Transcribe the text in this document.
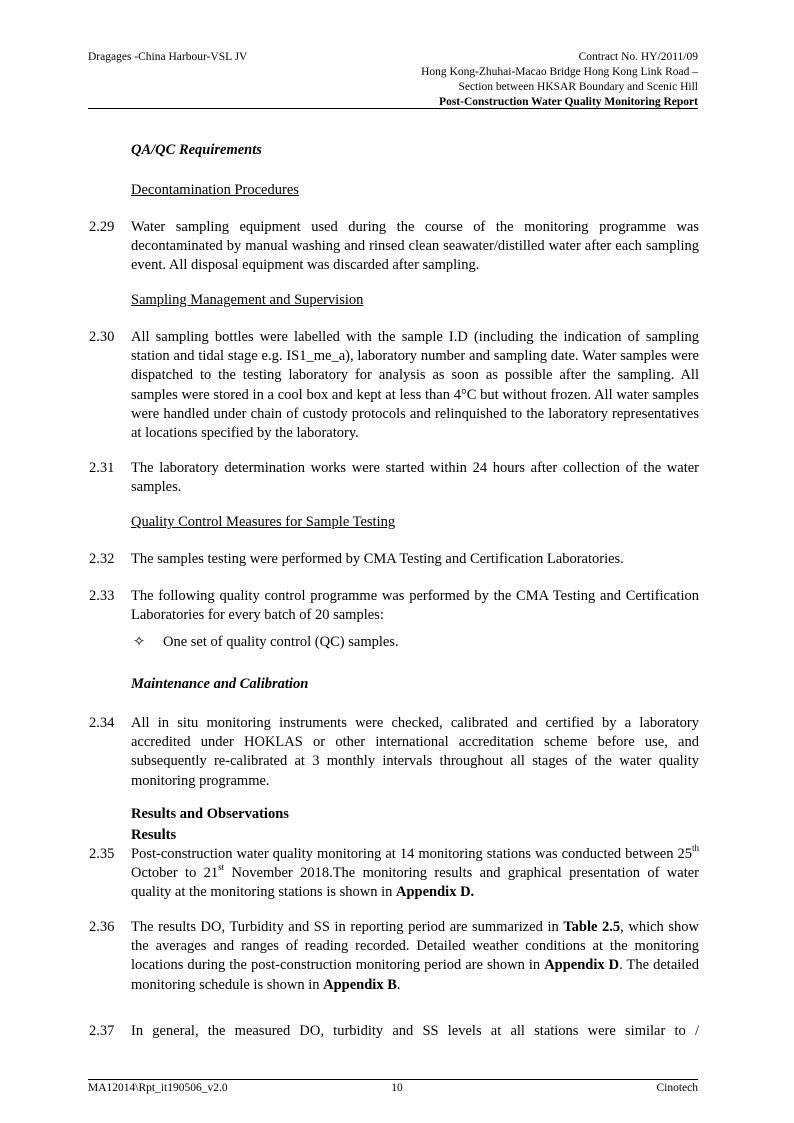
Dragages -China Harbour-VSL JV	Contract No. HY/2011/09
Hong Kong-Zhuhai-Macao Bridge Hong Kong Link Road –
Section between HKSAR Boundary and Scenic Hill
Post-Construction Water Quality Monitoring Report
QA/QC Requirements
Decontamination Procedures
2.29 Water sampling equipment used during the course of the monitoring programme was decontaminated by manual washing and rinsed clean seawater/distilled water after each sampling event. All disposal equipment was discarded after sampling.
Sampling Management and Supervision
2.30 All sampling bottles were labelled with the sample I.D (including the indication of sampling station and tidal stage e.g. IS1_me_a), laboratory number and sampling date. Water samples were dispatched to the testing laboratory for analysis as soon as possible after the sampling. All samples were stored in a cool box and kept at less than 4°C but without frozen. All water samples were handled under chain of custody protocols and relinquished to the laboratory representatives at locations specified by the laboratory.
2.31 The laboratory determination works were started within 24 hours after collection of the water samples.
Quality Control Measures for Sample Testing
2.32 The samples testing were performed by CMA Testing and Certification Laboratories.
2.33 The following quality control programme was performed by the CMA Testing and Certification Laboratories for every batch of 20 samples:
✧ One set of quality control (QC) samples.
Maintenance and Calibration
2.34 All in situ monitoring instruments were checked, calibrated and certified by a laboratory accredited under HOKLAS or other international accreditation scheme before use, and subsequently re-calibrated at 3 monthly intervals throughout all stages of the water quality monitoring programme.
Results and Observations
Results
2.35 Post-construction water quality monitoring at 14 monitoring stations was conducted between 25th October to 21st November 2018.The monitoring results and graphical presentation of water quality at the monitoring stations is shown in Appendix D.
2.36 The results DO, Turbidity and SS in reporting period are summarized in Table 2.5, which show the averages and ranges of reading recorded. Detailed weather conditions at the monitoring locations during the post-construction monitoring period are shown in Appendix D. The detailed monitoring schedule is shown in Appendix B.
2.37 In general, the measured DO, turbidity and SS levels at all stations were similar to /
MA12014\Rpt_it190506_v2.0	10	Cinotech
